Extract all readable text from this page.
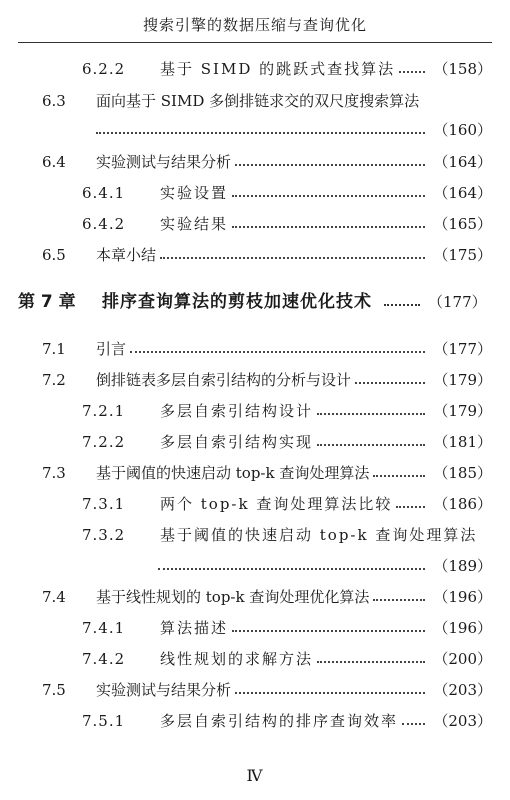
搜索引擎的数据压缩与查询优化
6.2.2	基于 SIMD 的跳跃式查找算法	（158）
6.3	面向基于 SIMD 多倒排链求交的双尺度搜索算法
（160）
6.4	实验测试与结果分析	（164）
6.4.1	实验设置	（164）
6.4.2	实验结果	（165）
6.5	本章小结	（175）
第 7 章	排序查询算法的剪枝加速优化技术	（177）
7.1	引言	（177）
7.2	倒排链表多层自索引结构的分析与设计	（179）
7.2.1	多层自索引结构设计	（179）
7.2.2	多层自索引结构实现	（181）
7.3	基于阈值的快速启动 top-k 查询处理算法	（185）
7.3.1	两个 top-k 查询处理算法比较	（186）
7.3.2	基于阈值的快速启动 top-k 查询处理算法
（189）
7.4	基于线性规划的 top-k 查询处理优化算法	（196）
7.4.1	算法描述	（196）
7.4.2	线性规划的求解方法	（200）
7.5	实验测试与结果分析	（203）
7.5.1	多层自索引结构的排序查询效率 （203）
Ⅳ
